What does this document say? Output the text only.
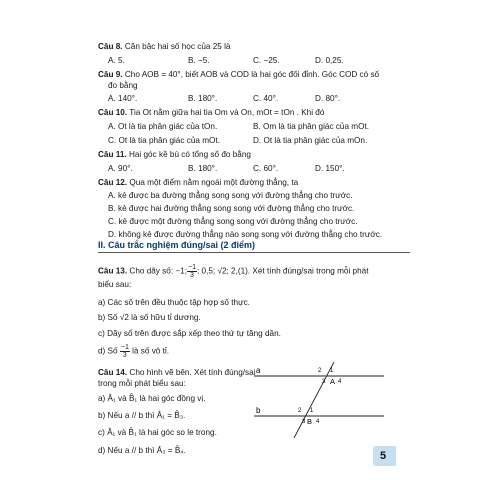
Câu 8. Căn bậc hai số học của 25 là
A. 5.	B. −5.	C. −25.	D. 0,25.
Câu 9. Cho AOB = 40°, biết AOB và COD là hai góc đối đỉnh. Góc COD có số
đo bằng
A. 140°.	B. 180°.	C. 40°.	D. 80°.
Câu 10. Tia Ot nằm giữa hai tia Om và On, mOt = tOn . Khi đó
A. Ot là tia phân giác của tOn.	B. Om là tia phân giác của mOt.
C. Ot là tia phân giác của mOt.	D. Ot là tia phân giác của mOn.
Câu 11. Hai góc kề bù có tổng số đo bằng
A. 90°.	B. 180°.	C. 60°.	D. 150°.
Câu 12. Qua một điểm nằm ngoài một đường thẳng, ta
A. kẻ được ba đường thẳng song song với đường thẳng cho trước.
B. kẻ được hai đường thẳng song song với đường thẳng cho trước.
C. kẻ được một đường thẳng song song với đường thẳng cho trước.
D. không kẻ được đường thẳng nào song song với đường thẳng cho trước.
II. Câu trắc nghiệm đúng/sai (2 điểm)
Câu 13. Cho dãy số: −1; $\frac{-1}{3}$ ; 0,5; √2; 2,(1). Xét tính đúng/sai trong mỗi phát
biểu sau:
a) Các số trên đều thuộc tập hợp số thực.
b) Số √2 là số hữu tỉ dương.
c) Dãy số trên được sắp xếp theo thứ tự tăng dần.
d) Số $\frac{-1}{3}$ là số vô tỉ.
Câu 14. Cho hình vẽ bên. Xét tính đúng/sai
trong mỗi phát biểu sau:
a) Â₁ và B̂₁ là hai góc đồng vị.
b) Nếu a // b thì Â₁ = B̂₃.
c) Â₁ và B̂₁ là hai góc so le trong.
d) Nếu a // b thì Â₃ = B̂₄.
a
b
A
B
2 1
3 4
2 1
3 4
5
